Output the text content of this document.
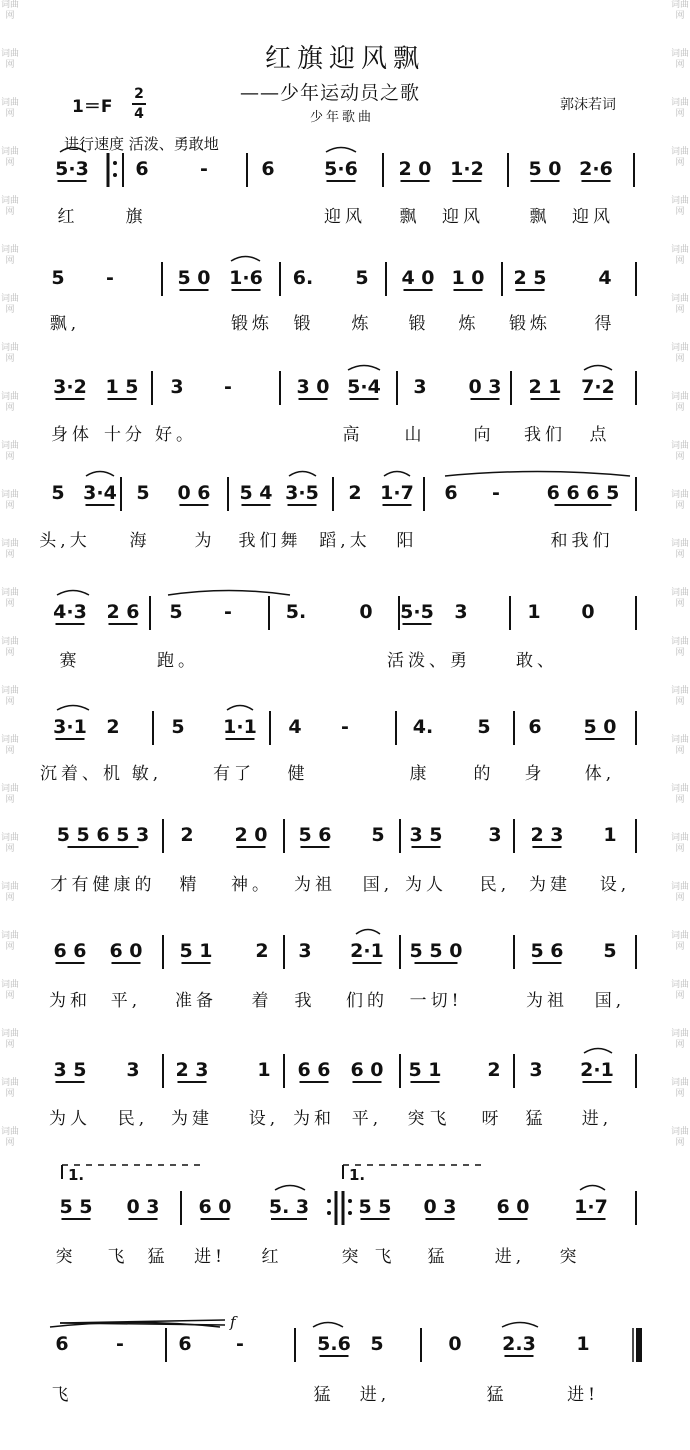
词曲网
词曲网
词曲网
词曲网
词曲网
词曲网
词曲网
词曲网
词曲网
词曲网
词曲网
词曲网
词曲网
词曲网
词曲网
词曲网
词曲网
词曲网
词曲网
词曲网
词曲网
词曲网
词曲网
词曲网
词曲网
词曲网
词曲网
词曲网
词曲网
词曲网
词曲网
词曲网
词曲网
词曲网
词曲网
词曲网
词曲网
词曲网
词曲网
词曲网
词曲网
词曲网
词曲网
词曲网
词曲网
词曲网
词曲网
词曲网
红旗迎风飘
——少年运动员之歌
少年歌曲
郭沫若词
1＝F
2
4
进行速度 活泼、勇敢地
5·3 6	-	6	5·6 2 0 1·2 5 0 2·6
红	旗	迎风 飘 迎风	飘 迎风
5 -	5 0 1·6 6. 5 4 0 1 0 2 5	4
飘,	锻炼 锻 炼 锻 炼 锻炼	得
3·2 1 5 3 -	3 0 5·4 3 0 3 2 1 7·2
身体 十分 好。	高 山	向 我们 点
5 3·4 5 0 6 5 4 3·5 2 1·7 6 - 6 6 6 5
头,大 海	为 我们舞 蹈,太 阳	和我们
4·3 2 6 5 -	5.	0 5·5 3	1 0
赛	跑。	活泼、勇	敢、
3·1 2	5 1·1 4 -	4. 5 6 5 0
沉着、机 敏,	有了 健	康	的 身 体,
5 5 6 5 3 2 2 0 5 6 5 3 5 3 2 3 1
才有健康的 精 神。 为祖 国, 为人 民, 为建 设,
6 6 6 0 5 1 2 3 2·1 5 5 0	5 6 5
为和 平, 准备 着 我 们的 一切!	为祖 国,
3 5 3 2 3	1 6 6 6 0 5 1 2 3 2·1
为人 民, 为建 设, 为和 平, 突 飞 呀 猛 进,
5 5 0 3 6 0 5. 3	5 5 0 3 6 0 1·7
突 飞 猛 进! 红	突 飞 猛	进, 突
1.	1.
6 -	6 -	5.6 5	0 2.3 1
飞	猛 进,	猛	进!
f
